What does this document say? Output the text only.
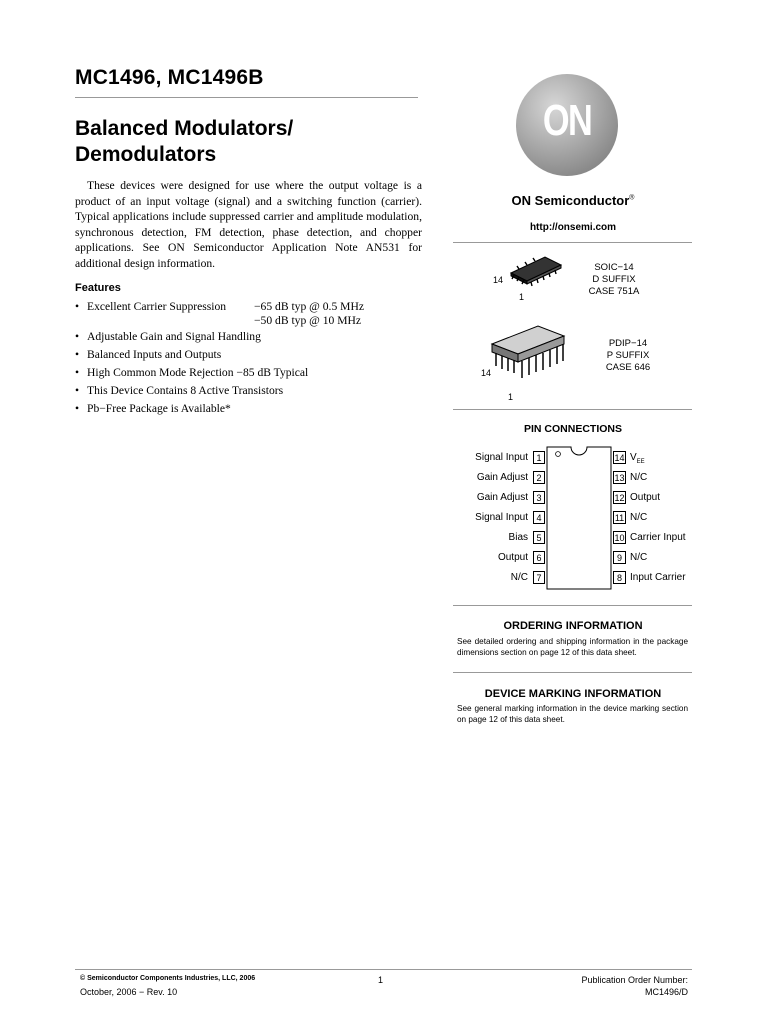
MC1496, MC1496B
Balanced Modulators/
Demodulators
These devices were designed for use where the output voltage is a product of an input voltage (signal) and a switching function (carrier). Typical applications include suppressed carrier and amplitude modulation, synchronous detection, FM detection, phase detection, and chopper applications. See ON Semiconductor Application Note AN531 for additional design information.
Features
• Excellent Carrier Suppression −65 dB typ @ 0.5 MHz
−50 dB typ @ 10 MHz
• Adjustable Gain and Signal Handling
• Balanced Inputs and Outputs
• High Common Mode Rejection −85 dB Typical
• This Device Contains 8 Active Transistors
• Pb−Free Package is Available*
ON
ON Semiconductor®
http://onsemi.com
14
1
SOIC−14
D SUFFIX
CASE 751A
14
1
PDIP−14
P SUFFIX
CASE 646
PIN CONNECTIONS
Signal Input 1
Gain Adjust 2
Gain Adjust 3
Signal Input 4
Bias 5
Output 6
N/C 7
14 $V_{EE}$
13 N/C
12 Output
11 N/C
10 Carrier Input
9 N/C
8 Input Carrier
ORDERING INFORMATION
See detailed ordering and shipping information in the package dimensions section on page 12 of this data sheet.
DEVICE MARKING INFORMATION
See general marking information in the device marking section on page 12 of this data sheet.
© Semiconductor Components Industries, LLC, 2006
October, 2006 − Rev. 10
1	Publication Order Number:
MC1496/D
